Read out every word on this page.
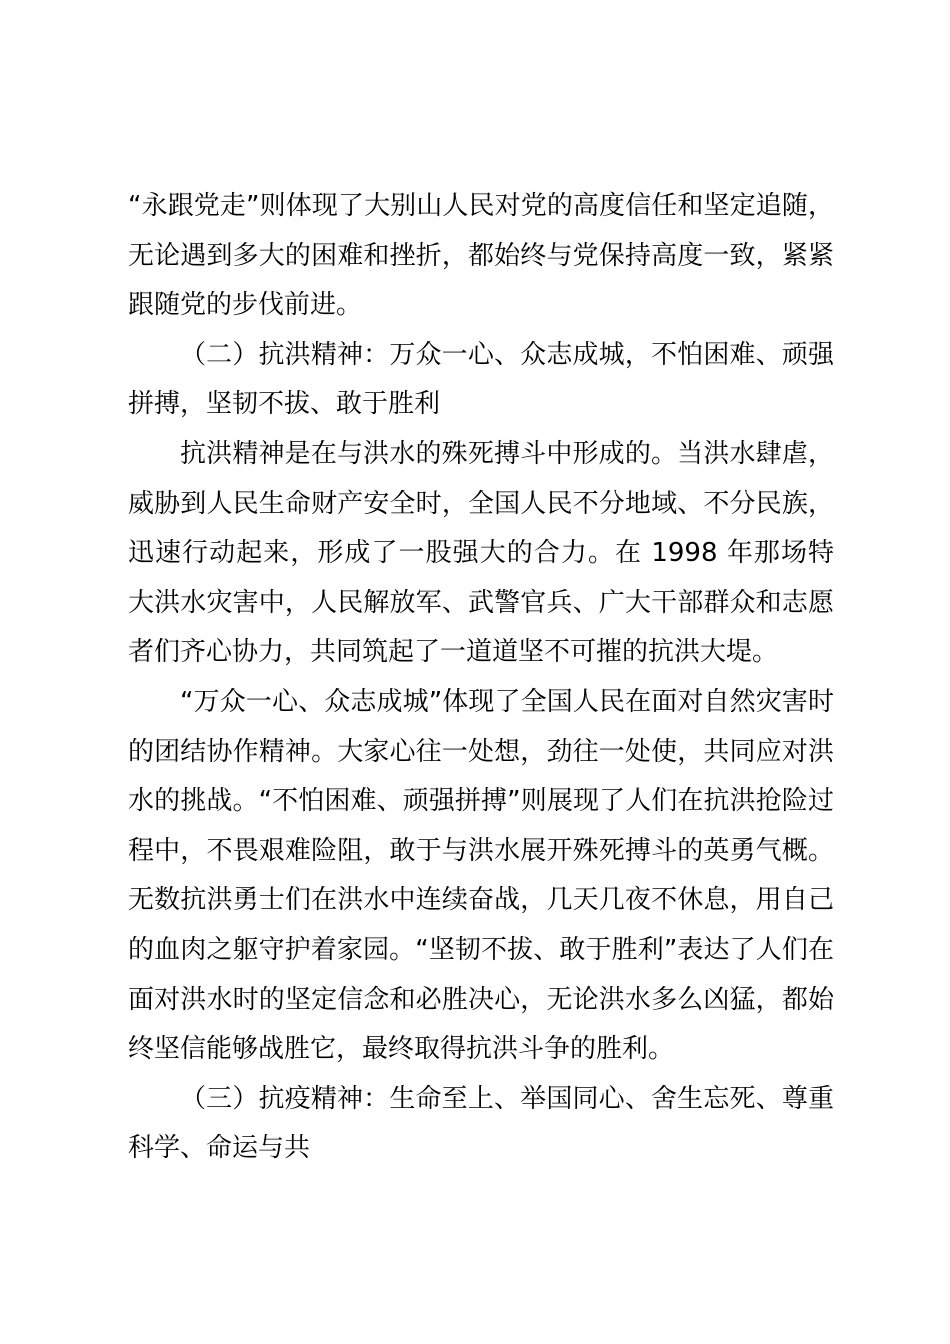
“永跟党走”则体现了大别山人民对党的高度信任和坚定追随，无论遇到多大的困难和挫折，都始终与党保持高度一致，紧紧跟随党的步伐前进。

（二）抗洪精神：万众一心、众志成城，不怕困难、顽强拼搏，坚韧不拔、敢于胜利

抗洪精神是在与洪水的殊死搏斗中形成的。当洪水肆虐，威胁到人民生命财产安全时，全国人民不分地域、不分民族，迅速行动起来，形成了一股强大的合力。在 1998 年那场特大洪水灾害中，人民解放军、武警官兵、广大干部群众和志愿者们齐心协力，共同筑起了一道道坚不可摧的抗洪大堤。

“万众一心、众志成城”体现了全国人民在面对自然灾害时的团结协作精神。大家心往一处想，劲往一处使，共同应对洪水的挑战。“不怕困难、顽强拼搏”则展现了人们在抗洪抢险过程中，不畏艰难险阻，敢于与洪水展开殊死搏斗的英勇气概。无数抗洪勇士们在洪水中连续奋战，几天几夜不休息，用自己的血肉之躯守护着家园。“坚韧不拔、敢于胜利”表达了人们在面对洪水时的坚定信念和必胜决心，无论洪水多么凶猛，都始终坚信能够战胜它，最终取得抗洪斗争的胜利。

（三）抗疫精神：生命至上、举国同心、舍生忘死、尊重科学、命运与共
